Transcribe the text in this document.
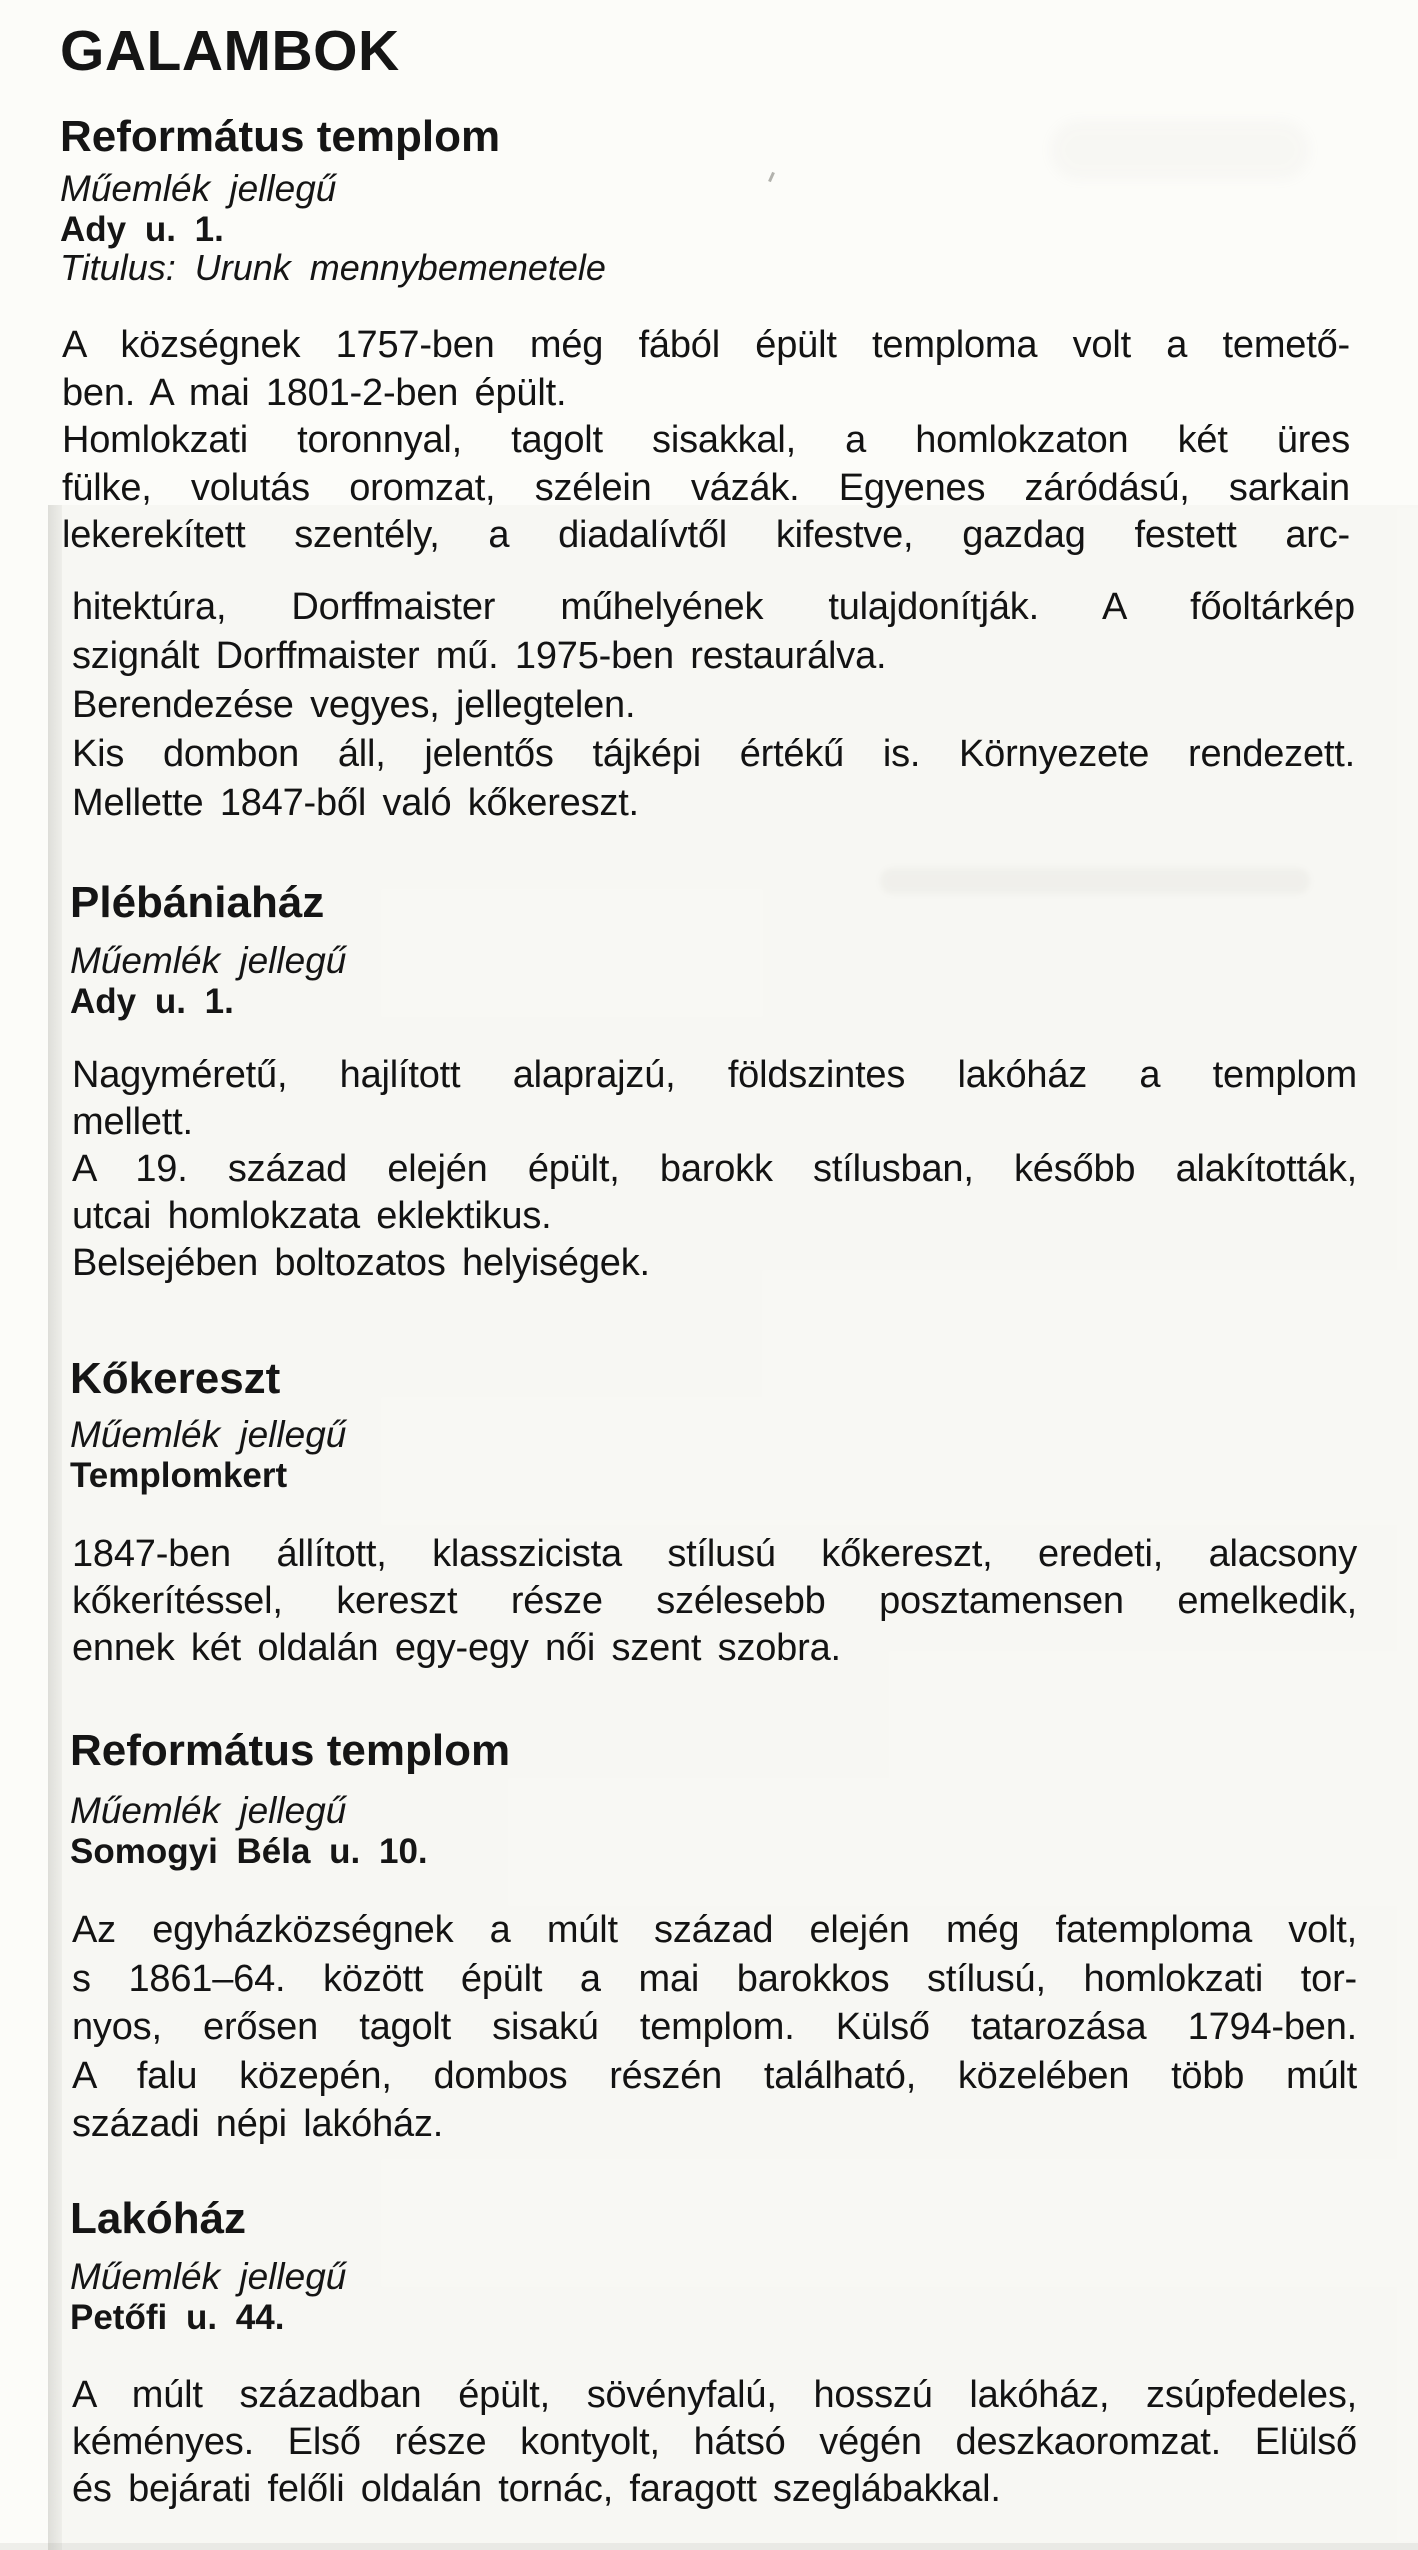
GALAMBOK
Református templom
Műemlék jellegű
Ady u. 1.
Titulus: Urunk mennybemenetele
A községnek 1757-ben még fából épült temploma volt a temető-
ben. A mai 1801-2-ben épült.
Homlokzati toronnyal, tagolt sisakkal, a homlokzaton két üres
fülke, volutás oromzat, szélein vázák. Egyenes záródású, sarkain
lekerekített szentély, a diadalívtől kifestve, gazdag festett arc-
hitektúra, Dorffmaister műhelyének tulajdonítják. A főoltárkép
szignált Dorffmaister mű. 1975-ben restaurálva.
Berendezése vegyes, jellegtelen.
Kis dombon áll, jelentős tájképi értékű is. Környezete rendezett.
Mellette 1847-ből való kőkereszt.
Plébániaház
Műemlék jellegű
Ady u. 1.
Nagyméretű, hajlított alaprajzú, földszintes lakóház a templom
mellett.
A 19. század elején épült, barokk stílusban, később alakították,
utcai homlokzata eklektikus.
Belsejében boltozatos helyiségek.
Kőkereszt
Műemlék jellegű
Templomkert
1847-ben állított, klasszicista stílusú kőkereszt, eredeti, alacsony
kőkerítéssel, kereszt része szélesebb posztamensen emelkedik,
ennek két oldalán egy-egy női szent szobra.
Református templom
Műemlék jellegű
Somogyi Béla u. 10.
Az egyházközségnek a múlt század elején még fatemploma volt,
s 1861–64. között épült a mai barokkos stílusú, homlokzati tor-
nyos, erősen tagolt sisakú templom. Külső tatarozása 1794-ben.
A falu közepén, dombos részén található, közelében több múlt
századi népi lakóház.
Lakóház
Műemlék jellegű
Petőfi u. 44.
A múlt században épült, sövényfalú, hosszú lakóház, zsúpfedeles,
kéményes. Első része kontyolt, hátsó végén deszkaoromzat. Elülső
és bejárati felőli oldalán tornác, faragott szeglábakkal.
